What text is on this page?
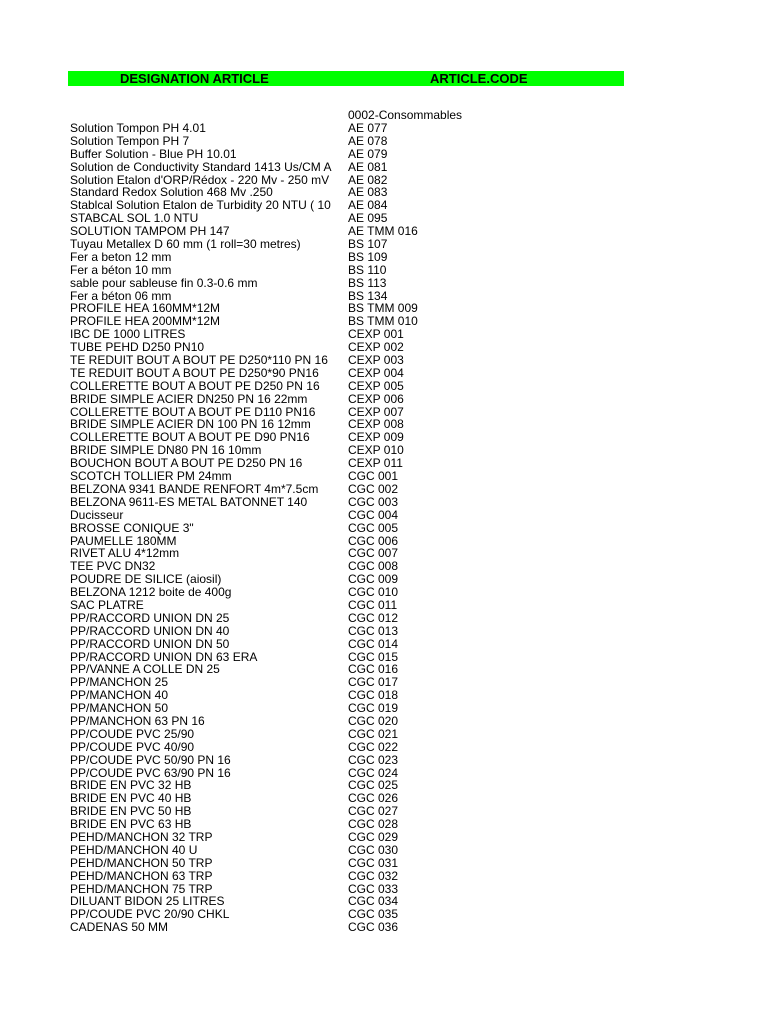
DESIGNATION ARTICLE	ARTICLE.CODE
0002-Consommables
Solution Tompon PH 4.01	AE 077
Solution Tempon PH 7	AE 078
Buffer Solution - Blue PH 10.01	AE 079
Solution de Conductivity Standard 1413 Us/CM A	AE 081
Solution Etalon d'ORP/Rédox - 220 Mv - 250 mV	AE 082
Standard Redox Solution 468 Mv .250	AE 083
Stablcal Solution Etalon de Turbidity 20 NTU ( 10	AE 084
STABCAL SOL 1.0 NTU	AE 095
SOLUTION TAMPOM PH 147	AE TMM 016
Tuyau Metallex D 60 mm (1 roll=30 metres)	BS 107
Fer a beton 12 mm	BS 109
Fer a béton 10 mm	BS 110
sable pour sableuse fin 0.3-0.6 mm	BS 113
Fer a béton 06 mm	BS 134
PROFILE HEA 160MM*12M	BS TMM 009
PROFILE HEA 200MM*12M	BS TMM 010
IBC DE 1000 LITRES	CEXP 001
TUBE PEHD D250 PN10	CEXP 002
TE REDUIT BOUT A BOUT PE D250*110 PN 16	CEXP 003
TE REDUIT BOUT A BOUT PE D250*90 PN16	CEXP 004
COLLERETTE BOUT A BOUT PE D250 PN 16	CEXP 005
BRIDE SIMPLE ACIER DN250 PN 16 22mm	CEXP 006
COLLERETTE BOUT A BOUT PE D110 PN16	CEXP 007
BRIDE SIMPLE ACIER DN 100 PN 16 12mm	CEXP 008
COLLERETTE BOUT A BOUT PE D90 PN16	CEXP 009
BRIDE SIMPLE DN80 PN 16 10mm	CEXP 010
BOUCHON BOUT A BOUT PE D250 PN 16	CEXP 011
SCOTCH TOLLIER PM 24mm	CGC 001
BELZONA 9341 BANDE RENFORT 4m*7.5cm	CGC 002
BELZONA 9611-ES METAL BATONNET 140	CGC 003
Ducisseur	CGC 004
BROSSE CONIQUE 3"	CGC 005
PAUMELLE 180MM	CGC 006
RIVET ALU 4*12mm	CGC 007
TEE PVC DN32	CGC 008
POUDRE DE SILICE (aiosil)	CGC 009
BELZONA 1212 boite de 400g	CGC 010
SAC PLATRE	CGC 011
PP/RACCORD UNION DN 25	CGC 012
PP/RACCORD UNION DN 40	CGC 013
PP/RACCORD UNION DN 50	CGC 014
PP/RACCORD UNION DN 63 ERA	CGC 015
PP/VANNE A COLLE DN 25	CGC 016
PP/MANCHON 25	CGC 017
PP/MANCHON 40	CGC 018
PP/MANCHON 50	CGC 019
PP/MANCHON 63 PN 16	CGC 020
PP/COUDE PVC 25/90	CGC 021
PP/COUDE PVC 40/90	CGC 022
PP/COUDE PVC 50/90 PN 16	CGC 023
PP/COUDE PVC 63/90 PN 16	CGC 024
BRIDE EN PVC 32 HB	CGC 025
BRIDE EN PVC 40 HB	CGC 026
BRIDE EN PVC 50 HB	CGC 027
BRIDE EN PVC 63 HB	CGC 028
PEHD/MANCHON 32 TRP	CGC 029
PEHD/MANCHON 40 U	CGC 030
PEHD/MANCHON 50 TRP	CGC 031
PEHD/MANCHON 63 TRP	CGC 032
PEHD/MANCHON 75 TRP	CGC 033
DILUANT BIDON 25 LITRES	CGC 034
PP/COUDE PVC 20/90 CHKL	CGC 035
CADENAS 50 MM	CGC 036
